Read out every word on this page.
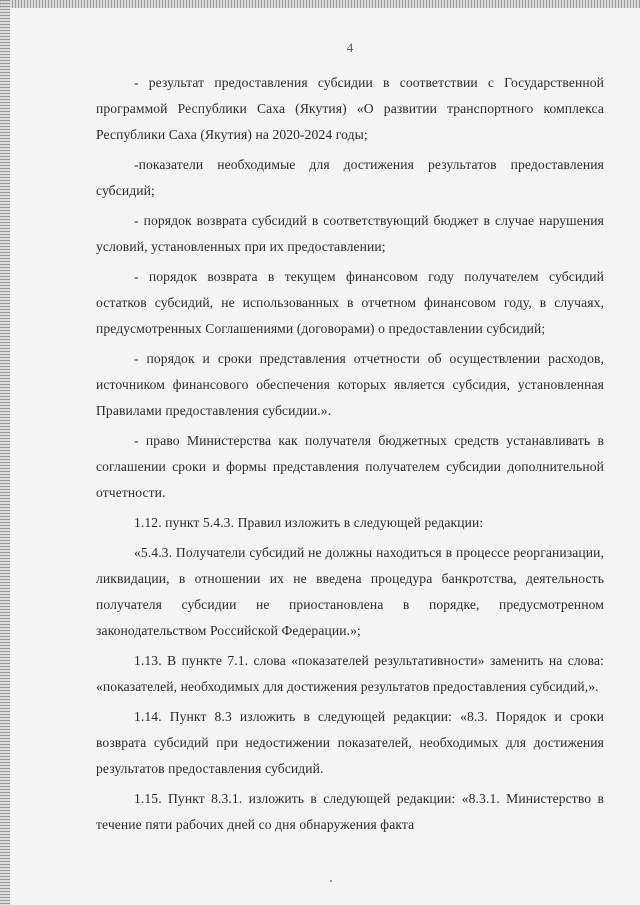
4

- результат предоставления субсидии в соответствии с Государственной программой Республики Саха (Якутия) «О развитии транспортного комплекса Республики Саха (Якутия) на 2020-2024 годы;

-показатели необходимые для достижения результатов предоставления субсидий;

- порядок возврата субсидий в соответствующий бюджет в случае нарушения условий, установленных при их предоставлении;

- порядок возврата в текущем финансовом году получателем субсидий остатков субсидий, не использованных в отчетном финансовом году, в случаях, предусмотренных Соглашениями (договорами) о предоставлении субсидий;

- порядок и сроки представления отчетности об осуществлении расходов, источником финансового обеспечения которых является субсидия, установленная Правилами предоставления субсидии.».

- право Министерства как получателя бюджетных средств устанавливать в соглашении сроки и формы представления получателем субсидии дополнительной отчетности.

1.12. пункт 5.4.3. Правил изложить в следующей редакции:

«5.4.3. Получатели субсидий не должны находиться в процессе реорганизации, ликвидации, в отношении их не введена процедура банкротства, деятельность получателя субсидии не приостановлена в порядке, предусмотренном законодательством Российской Федерации.»;

1.13. В пункте 7.1. слова «показателей результативности» заменить на слова: «показателей, необходимых для достижения результатов предоставления субсидий,».

1.14. Пункт 8.3 изложить в следующей редакции: «8.3. Порядок и сроки возврата субсидий при недостижении показателей, необходимых для достижения результатов предоставления субсидий.

1.15. Пункт 8.3.1. изложить в следующей редакции: «8.3.1. Министерство в течение пяти рабочих дней со дня обнаружения факта
